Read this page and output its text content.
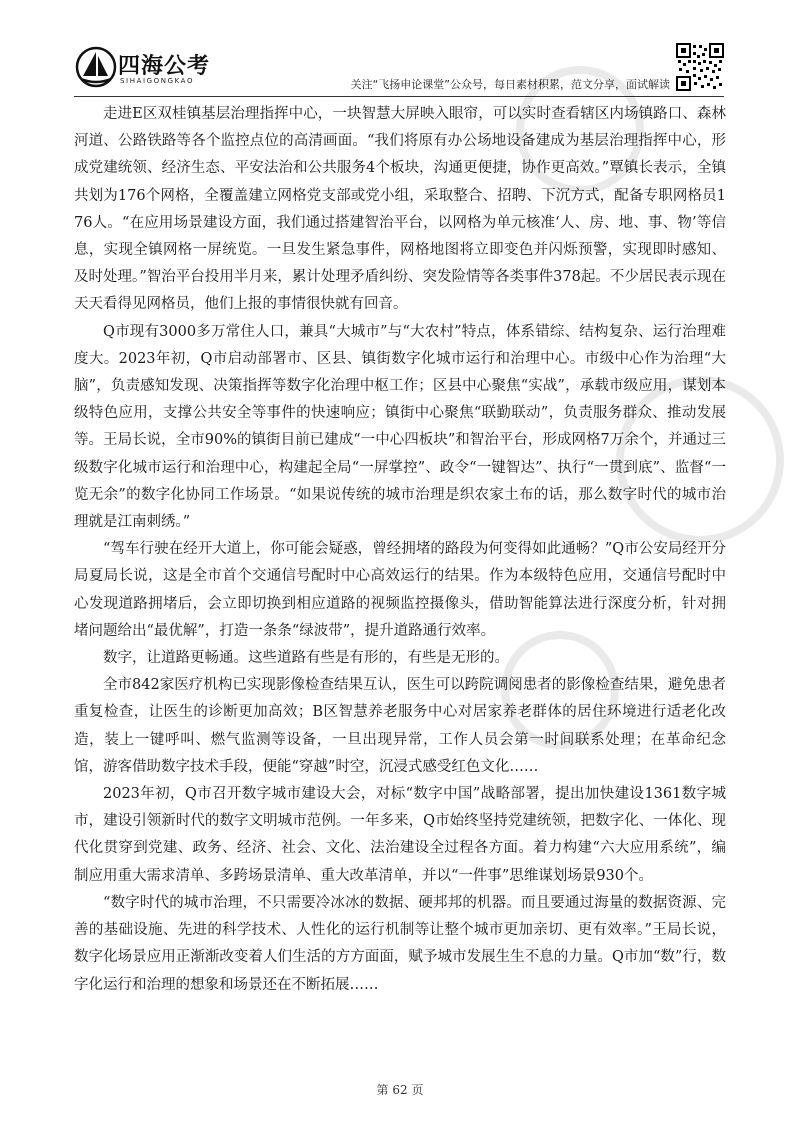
四海公考
SIHAIGONGKAO	关注“飞扬申论课堂”公众号，每日素材积累，范文分享，面试解读

走进E区双桂镇基层治理指挥中心，一块智慧大屏映入眼帘，可以实时查看辖区内场镇路口、森林河道、公路铁路等各个监控点位的高清画面。“我们将原有办公场地设备建成为基层治理指挥中心，形成党建统领、经济生态、平安法治和公共服务4个板块，沟通更便捷，协作更高效。”覃镇长表示，全镇共划为176个网格，全覆盖建立网格党支部或党小组，采取整合、招聘、下沉方式，配备专职网格员176人。“在应用场景建设方面，我们通过搭建智治平台，以网格为单元核准‘人、房、地、事、物’等信息，实现全镇网格一屏统览。一旦发生紧急事件，网格地图将立即变色并闪烁预警，实现即时感知、及时处理。”智治平台投用半月来，累计处理矛盾纠纷、突发险情等各类事件378起。不少居民表示现在天天看得见网格员，他们上报的事情很快就有回音。

Q市现有3000多万常住人口，兼具“大城市”与“大农村”特点，体系错综、结构复杂、运行治理难度大。2023年初，Q市启动部署市、区县、镇街数字化城市运行和治理中心。市级中心作为治理“大脑”，负责感知发现、决策指挥等数字化治理中枢工作；区县中心聚焦“实战”，承载市级应用，谋划本级特色应用，支撑公共安全等事件的快速响应；镇街中心聚焦“联勤联动”，负责服务群众、推动发展等。王局长说，全市90%的镇街目前已建成“一中心四板块”和智治平台，形成网格7万余个，并通过三级数字化城市运行和治理中心，构建起全局“一屏掌控”、政令“一键智达”、执行“一贯到底”、监督“一览无余”的数字化协同工作场景。“如果说传统的城市治理是织农家土布的话，那么数字时代的城市治理就是江南刺绣。”

“驾车行驶在经开大道上，你可能会疑惑，曾经拥堵的路段为何变得如此通畅？”Q市公安局经开分局夏局长说，这是全市首个交通信号配时中心高效运行的结果。作为本级特色应用，交通信号配时中心发现道路拥堵后，会立即切换到相应道路的视频监控摄像头，借助智能算法进行深度分析，针对拥堵问题给出“最优解”，打造一条条“绿波带”，提升道路通行效率。

数字，让道路更畅通。这些道路有些是有形的，有些是无形的。

全市842家医疗机构已实现影像检查结果互认，医生可以跨院调阅患者的影像检查结果，避免患者重复检查，让医生的诊断更加高效；B区智慧养老服务中心对居家养老群体的居住环境进行适老化改造，装上一键呼叫、燃气监测等设备，一旦出现异常，工作人员会第一时间联系处理；在革命纪念馆，游客借助数字技术手段，便能“穿越”时空，沉浸式感受红色文化……

2023年初，Q市召开数字城市建设大会，对标“数字中国”战略部署，提出加快建设1361数字城市，建设引领新时代的数字文明城市范例。一年多来，Q市始终坚持党建统领，把数字化、一体化、现代化贯穿到党建、政务、经济、社会、文化、法治建设全过程各方面。着力构建“六大应用系统”，编制应用重大需求清单、多跨场景清单、重大改革清单，并以“一件事”思维谋划场景930个。

“数字时代的城市治理，不只需要冷冰冰的数据、硬邦邦的机器。而且要通过海量的数据资源、完善的基础设施、先进的科学技术、人性化的运行机制等让整个城市更加亲切、更有效率。”王局长说，数字化场景应用正渐渐改变着人们生活的方方面面，赋予城市发展生生不息的力量。Q市加“数”行，数字化运行和治理的想象和场景还在不断拓展……

第 62 页
